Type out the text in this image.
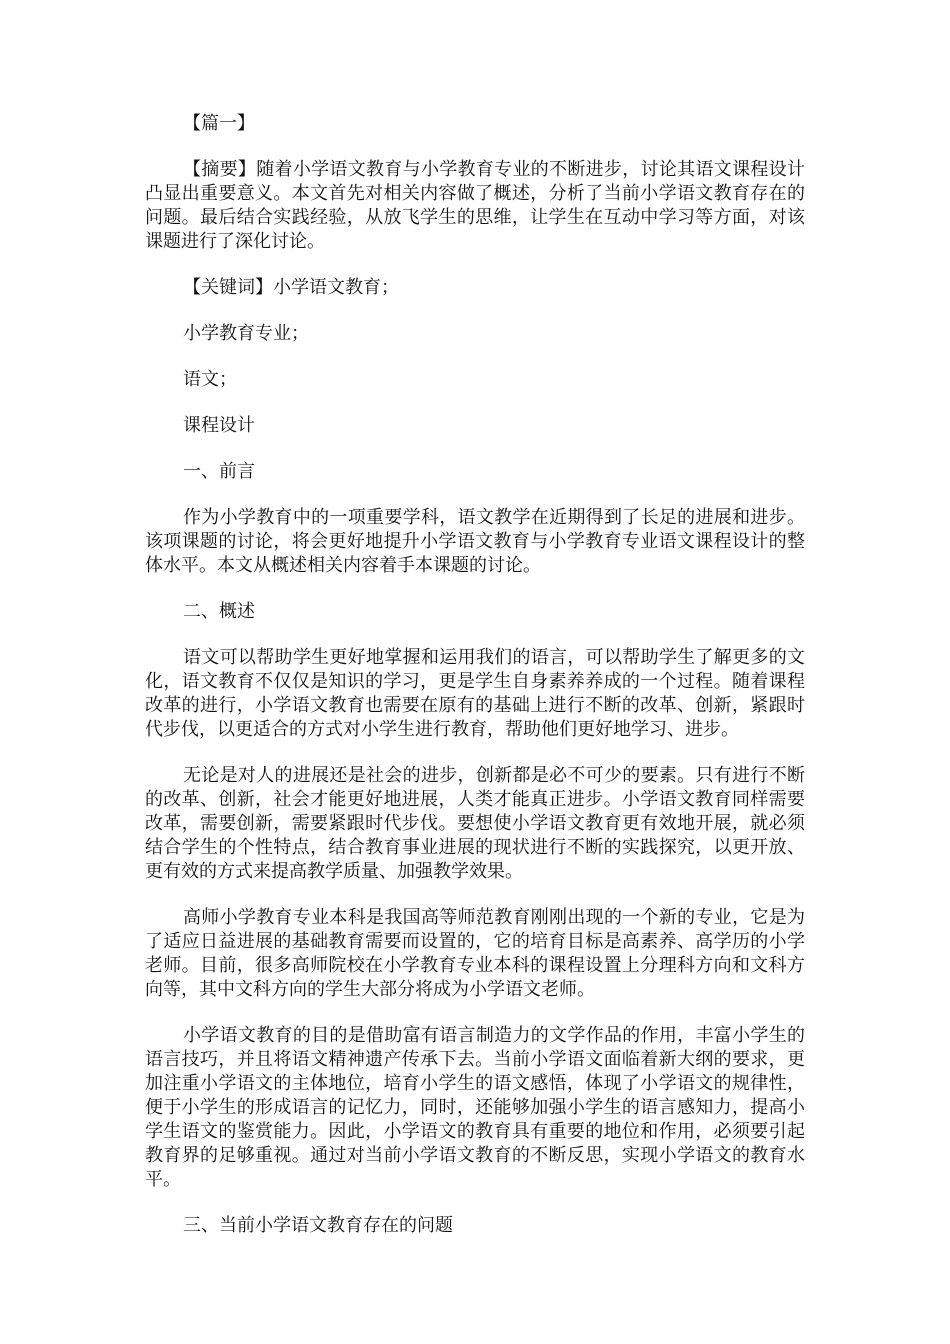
【篇一】

【摘要】随着小学语文教育与小学教育专业的不断进步，讨论其语文课程设计凸显出重要意义。本文首先对相关内容做了概述，分析了当前小学语文教育存在的问题。最后结合实践经验，从放飞学生的思维，让学生在互动中学习等方面，对该课题进行了深化讨论。

【关键词】小学语文教育；

小学教育专业；

语文；

课程设计

一、前言

作为小学教育中的一项重要学科，语文教学在近期得到了长足的进展和进步。该项课题的讨论，将会更好地提升小学语文教育与小学教育专业语文课程设计的整体水平。本文从概述相关内容着手本课题的讨论。

二、概述

语文可以帮助学生更好地掌握和运用我们的语言，可以帮助学生了解更多的文化，语文教育不仅仅是知识的学习，更是学生自身素养养成的一个过程。随着课程改革的进行，小学语文教育也需要在原有的基础上进行不断的改革、创新，紧跟时代步伐，以更适合的方式对小学生进行教育，帮助他们更好地学习、进步。

无论是对人的进展还是社会的进步，创新都是必不可少的要素。只有进行不断的改革、创新，社会才能更好地进展，人类才能真正进步。小学语文教育同样需要改革，需要创新，需要紧跟时代步伐。要想使小学语文教育更有效地开展，就必须结合学生的个性特点，结合教育事业进展的现状进行不断的实践探究，以更开放、更有效的方式来提高教学质量、加强教学效果。

高师小学教育专业本科是我国高等师范教育刚刚出现的一个新的专业，它是为了适应日益进展的基础教育需要而设置的，它的培育目标是高素养、高学历的小学老师。目前，很多高师院校在小学教育专业本科的课程设置上分理科方向和文科方向等，其中文科方向的学生大部分将成为小学语文老师。

小学语文教育的目的是借助富有语言制造力的文学作品的作用，丰富小学生的语言技巧，并且将语文精神遗产传承下去。当前小学语文面临着新大纲的要求，更加注重小学语文的主体地位，培育小学生的语文感悟，体现了小学语文的规律性，便于小学生的形成语言的记忆力，同时，还能够加强小学生的语言感知力，提高小学生语文的鉴赏能力。因此，小学语文的教育具有重要的地位和作用，必须要引起教育界的足够重视。通过对当前小学语文教育的不断反思，实现小学语文的教育水平。

三、当前小学语文教育存在的问题
